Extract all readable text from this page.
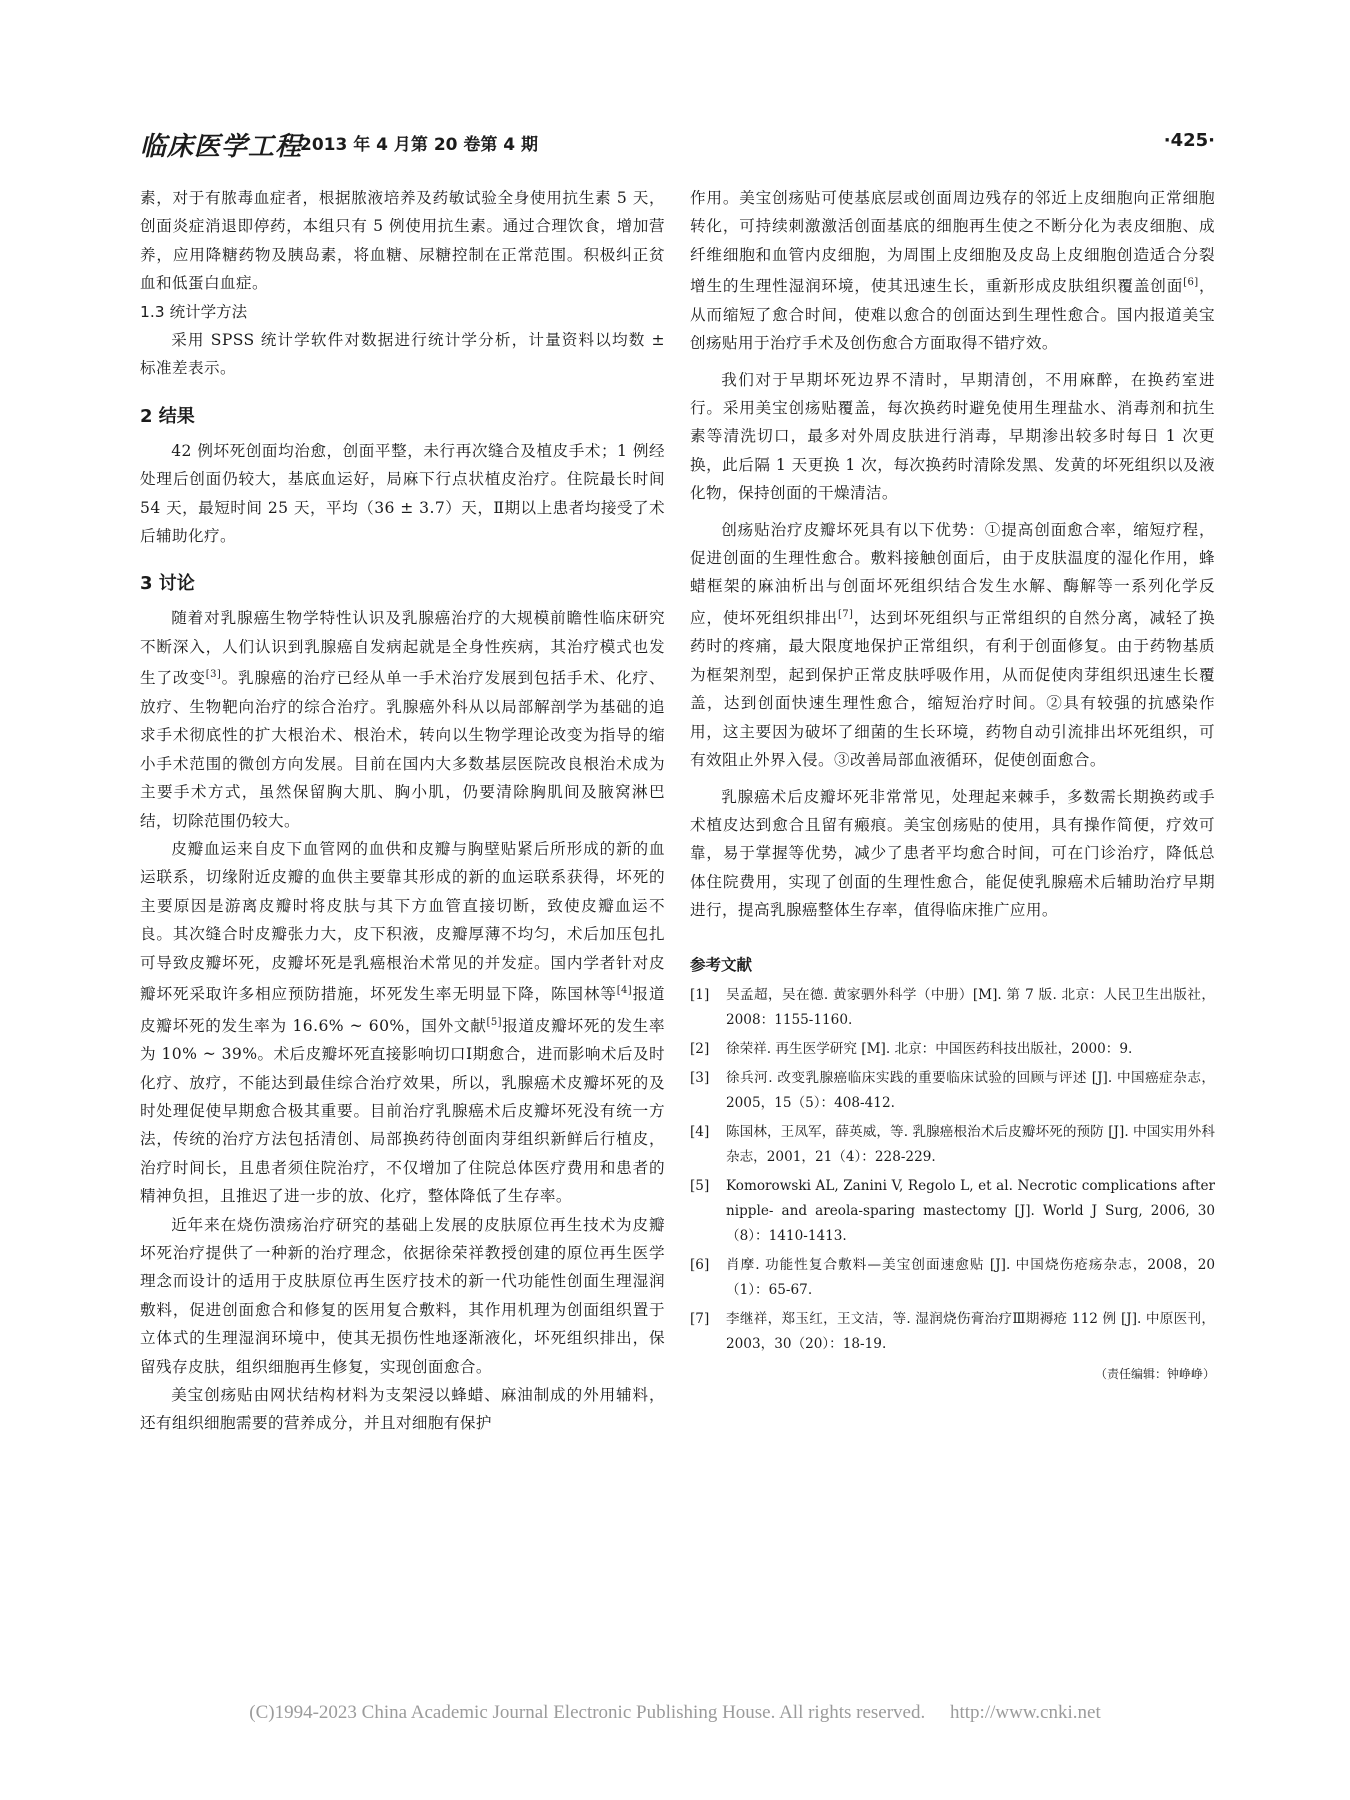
临床医学工程
2013 年 4 月第 20 卷第 4 期	·425·

素，对于有脓毒血症者，根据脓液培养及药敏试验全身使用抗生素 5 天，创面炎症消退即停药，本组只有 5 例使用抗生素。通过合理饮食，增加营养，应用降糖药物及胰岛素，将血糖、尿糖控制在正常范围。积极纠正贫血和低蛋白血症。

1.3 统计学方法

采用 SPSS 统计学软件对数据进行统计学分析，计量资料以均数 ± 标准差表示。

2 结果

42 例坏死创面均治愈，创面平整，未行再次缝合及植皮手术；1 例经处理后创面仍较大，基底血运好，局麻下行点状植皮治疗。住院最长时间 54 天，最短时间 25 天，平均（36 ± 3.7）天，Ⅱ期以上患者均接受了术后辅助化疗。

3 讨论

随着对乳腺癌生物学特性认识及乳腺癌治疗的大规模前瞻性临床研究不断深入，人们认识到乳腺癌自发病起就是全身性疾病，其治疗模式也发生了改变[3]。乳腺癌的治疗已经从单一手术治疗发展到包括手术、化疗、放疗、生物靶向治疗的综合治疗。乳腺癌外科从以局部解剖学为基础的追求手术彻底性的扩大根治术、根治术，转向以生物学理论改变为指导的缩小手术范围的微创方向发展。目前在国内大多数基层医院改良根治术成为主要手术方式，虽然保留胸大肌、胸小肌，仍要清除胸肌间及腋窝淋巴结，切除范围仍较大。

皮瓣血运来自皮下血管网的血供和皮瓣与胸壁贴紧后所形成的新的血运联系，切缘附近皮瓣的血供主要靠其形成的新的血运联系获得，坏死的主要原因是游离皮瓣时将皮肤与其下方血管直接切断，致使皮瓣血运不良。其次缝合时皮瓣张力大，皮下积液，皮瓣厚薄不均匀，术后加压包扎可导致皮瓣坏死，皮瓣坏死是乳癌根治术常见的并发症。国内学者针对皮瓣坏死采取许多相应预防措施，坏死发生率无明显下降，陈国林等[4]报道皮瓣坏死的发生率为 16.6% ~ 60%，国外文献[5]报道皮瓣坏死的发生率为 10% ~ 39%。术后皮瓣坏死直接影响切口Ⅰ期愈合，进而影响术后及时化疗、放疗，不能达到最佳综合治疗效果，所以，乳腺癌术皮瓣坏死的及时处理促使早期愈合极其重要。目前治疗乳腺癌术后皮瓣坏死没有统一方法，传统的治疗方法包括清创、局部换药待创面肉芽组织新鲜后行植皮，治疗时间长，且患者须住院治疗，不仅增加了住院总体医疗费用和患者的精神负担，且推迟了进一步的放、化疗，整体降低了生存率。

近年来在烧伤溃疡治疗研究的基础上发展的皮肤原位再生技术为皮瓣坏死治疗提供了一种新的治疗理念，依据徐荣祥教授创建的原位再生医学理念而设计的适用于皮肤原位再生医疗技术的新一代功能性创面生理湿润敷料，促进创面愈合和修复的医用复合敷料，其作用机理为创面组织置于立体式的生理湿润环境中，使其无损伤性地逐渐液化，坏死组织排出，保留残存皮肤，组织细胞再生修复，实现创面愈合。

美宝创疡贴由网状结构材料为支架浸以蜂蜡、麻油制成的外用辅料，还有组织细胞需要的营养成分，并且对细胞有保护

作用。美宝创疡贴可使基底层或创面周边残存的邻近上皮细胞向正常细胞转化，可持续刺激激活创面基底的细胞再生使之不断分化为表皮细胞、成纤维细胞和血管内皮细胞，为周围上皮细胞及皮岛上皮细胞创造适合分裂增生的生理性湿润环境，使其迅速生长，重新形成皮肤组织覆盖创面[6]，从而缩短了愈合时间，使难以愈合的创面达到生理性愈合。国内报道美宝创疡贴用于治疗手术及创伤愈合方面取得不错疗效。

我们对于早期坏死边界不清时，早期清创，不用麻醉，在换药室进行。采用美宝创疡贴覆盖，每次换药时避免使用生理盐水、消毒剂和抗生素等清洗切口，最多对外周皮肤进行消毒，早期渗出较多时每日 1 次更换，此后隔 1 天更换 1 次，每次换药时清除发黑、发黄的坏死组织以及液化物，保持创面的干燥清洁。

创疡贴治疗皮瓣坏死具有以下优势：①提高创面愈合率，缩短疗程，促进创面的生理性愈合。敷料接触创面后，由于皮肤温度的湿化作用，蜂蜡框架的麻油析出与创面坏死组织结合发生水解、酶解等一系列化学反应，使坏死组织排出[7]，达到坏死组织与正常组织的自然分离，减轻了换药时的疼痛，最大限度地保护正常组织，有利于创面修复。由于药物基质为框架剂型，起到保护正常皮肤呼吸作用，从而促使肉芽组织迅速生长覆盖，达到创面快速生理性愈合，缩短治疗时间。②具有较强的抗感染作用，这主要因为破坏了细菌的生长环境，药物自动引流排出坏死组织，可有效阻止外界入侵。③改善局部血液循环，促使创面愈合。

乳腺癌术后皮瓣坏死非常常见，处理起来棘手，多数需长期换药或手术植皮达到愈合且留有瘢痕。美宝创疡贴的使用，具有操作简便，疗效可靠，易于掌握等优势，减少了患者平均愈合时间，可在门诊治疗，降低总体住院费用，实现了创面的生理性愈合，能促使乳腺癌术后辅助治疗早期进行，提高乳腺癌整体生存率，值得临床推广应用。

参考文献
[1]	吴孟超，吴在德. 黄家驷外科学（中册）[M]. 第 7 版. 北京：人民卫生出版社，2008：1155-1160.
[2]	徐荣祥. 再生医学研究 [M]. 北京：中国医药科技出版社，2000：9.
[3]	徐兵河. 改变乳腺癌临床实践的重要临床试验的回顾与评述 [J]. 中国癌症杂志，2005，15（5）：408-412.
[4]	陈国林，王凤军，薛英威，等. 乳腺癌根治术后皮瓣坏死的预防 [J]. 中国实用外科杂志，2001，21（4）：228-229.
[5]	Komorowski AL, Zanini V, Regolo L, et al. Necrotic complications after nipple- and areola-sparing mastectomy [J]. World J Surg, 2006, 30（8）：1410-1413.
[6]	肖摩. 功能性复合敷料—美宝创面速愈贴 [J]. 中国烧伤疮疡杂志，2008，20（1）：65-67.
[7]	李继祥，郑玉红，王文洁，等. 湿润烧伤膏治疗Ⅲ期褥疮 112 例 [J]. 中原医刊，2003，30（20）：18-19.
（责任编辑：钟峥峥）
(C)1994-2023 China Academic Journal Electronic Publishing House. All rights reserved. http://www.cnki.net
